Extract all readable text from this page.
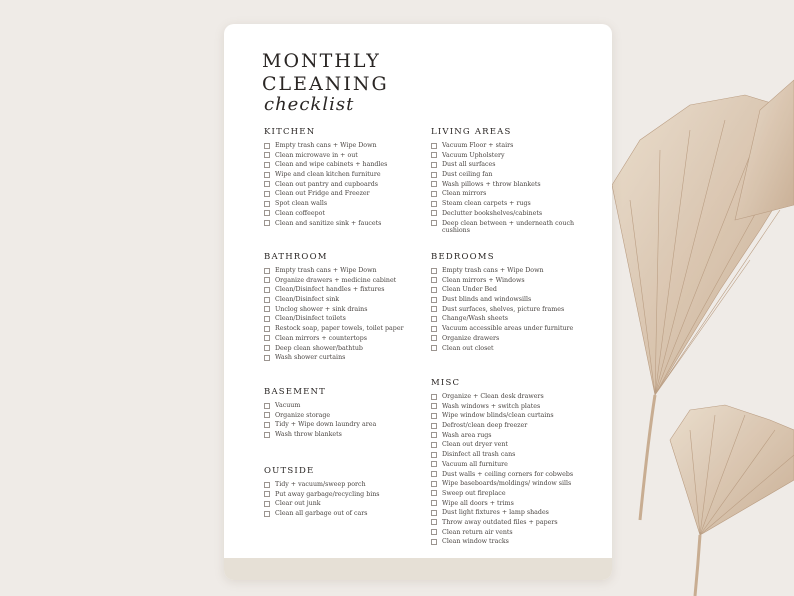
MONTHLY
CLEANING
checklist
KITCHEN
Empty trash cans + Wipe Down
Clean microwave in + out
Clean and wipe cabinets + handles
Wipe and clean kitchen furniture
Clean out pantry and cupboards
Clean out Fridge and Freezer
Spot clean walls
Clean coffeepot
Clean and sanitize sink + faucets
LIVING AREAS
Vacuum Floor + stairs
Vacuum Upholstery
Dust all surfaces
Dust ceiling fan
Wash pillows + throw blankets
Clean mirrors
Steam clean carpets + rugs
Declutter bookshelves/cabinets
Deep clean between + underneath couch cushions
BATHROOM
Empty trash cans + Wipe Down
Organize drawers + medicine cabinet
Clean/Disinfect handles + fixtures
Clean/Disinfect sink
Unclog shower + sink drains
Clean/Disinfect toilets
Restock soap, paper towels, toilet paper
Clean mirrors + countertops
Deep clean shower/bathtub
Wash shower curtains
BEDROOMS
Empty trash cans + Wipe Down
Clean mirrors + Windows
Clean Under Bed
Dust blinds and windowsills
Dust surfaces, shelves, picture frames
Change/Wash sheets
Vacuum accessible areas under furniture
Organize drawers
Clean out closet
BASEMENT
Vacuum
Organize storage
Tidy + Wipe down laundry area
Wash throw blankets
MISC
Organize + Clean desk drawers
Wash windows + switch plates
Wipe window blinds/clean curtains
Defrost/clean deep freezer
Wash area rugs
Clean out dryer vent
Disinfect all trash cans
Vacuum all furniture
Dust walls + ceiling corners for cobwebs
Wipe baseboards/moldings/ window sills
Sweep out fireplace
Wipe all doors + trims
Dust light fixtures + lamp shades
Throw away outdated files + papers
Clean return air vents
Clean window tracks
OUTSIDE
Tidy + vacuum/sweep porch
Put away garbage/recycling bins
Clear out junk
Clean all garbage out of cars
